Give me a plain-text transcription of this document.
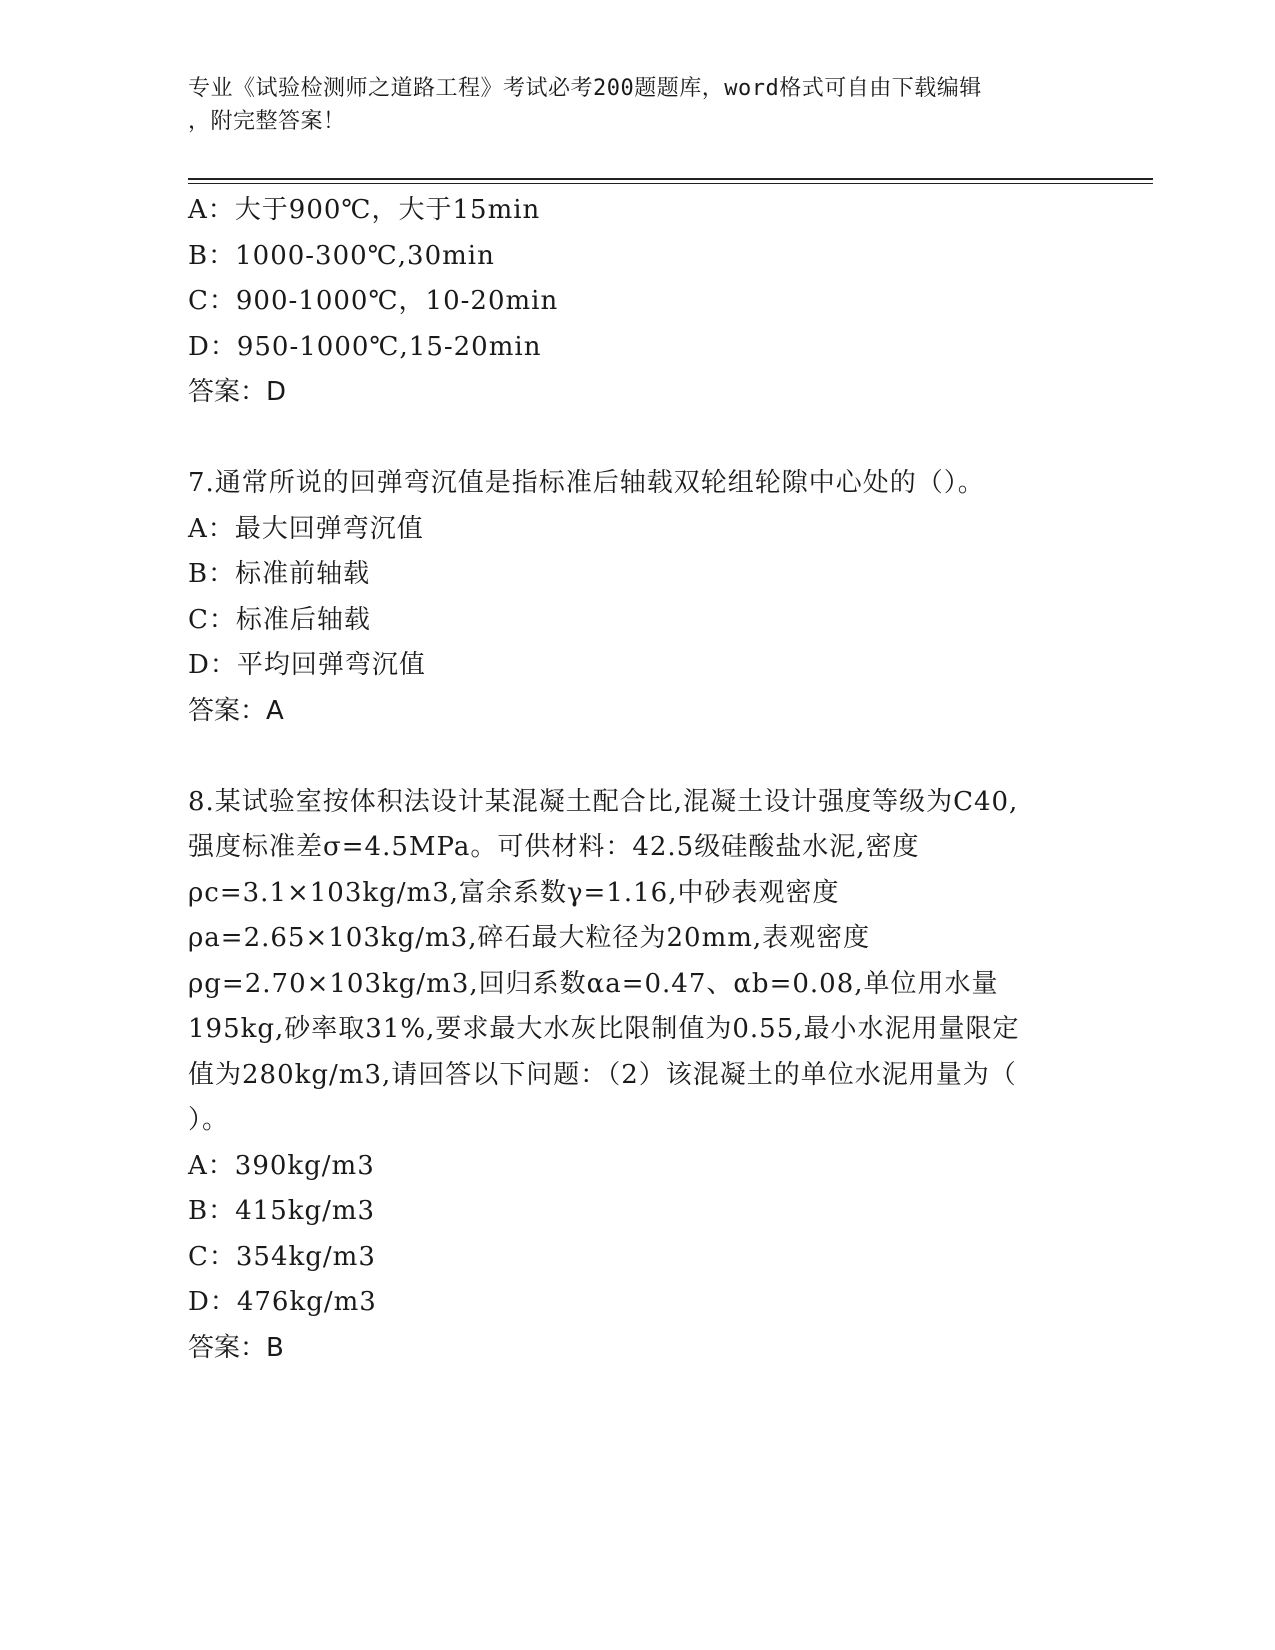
专业《试验检测师之道路工程》考试必考200题题库，word格式可自由下载编辑
，附完整答案！
A：大于900℃，大于15min
B：1000-300℃,30min
C：900-1000℃，10-20min
D：950-1000℃,15-20min
答案：D
7.通常所说的回弹弯沉值是指标准后轴载双轮组轮隙中心处的（）。
A：最大回弹弯沉值
B：标准前轴载
C：标准后轴载
D：平均回弹弯沉值
答案：A
8.某试验室按体积法设计某混凝土配合比,混凝土设计强度等级为C40,
强度标准差σ=4.5MPa。可供材料：42.5级硅酸盐水泥,密度
ρc=3.1×103kg/m3,富余系数γ=1.16,中砂表观密度
ρa=2.65×103kg/m3,碎石最大粒径为20mm,表观密度
ρg=2.70×103kg/m3,回归系数αa=0.47、αb=0.08,单位用水量
195kg,砂率取31%,要求最大水灰比限制值为0.55,最小水泥用量限定
值为280kg/m3,请回答以下问题：（2）该混凝土的单位水泥用量为（
）。
A：390kg/m3
B：415kg/m3
C：354kg/m3
D：476kg/m3
答案：B
